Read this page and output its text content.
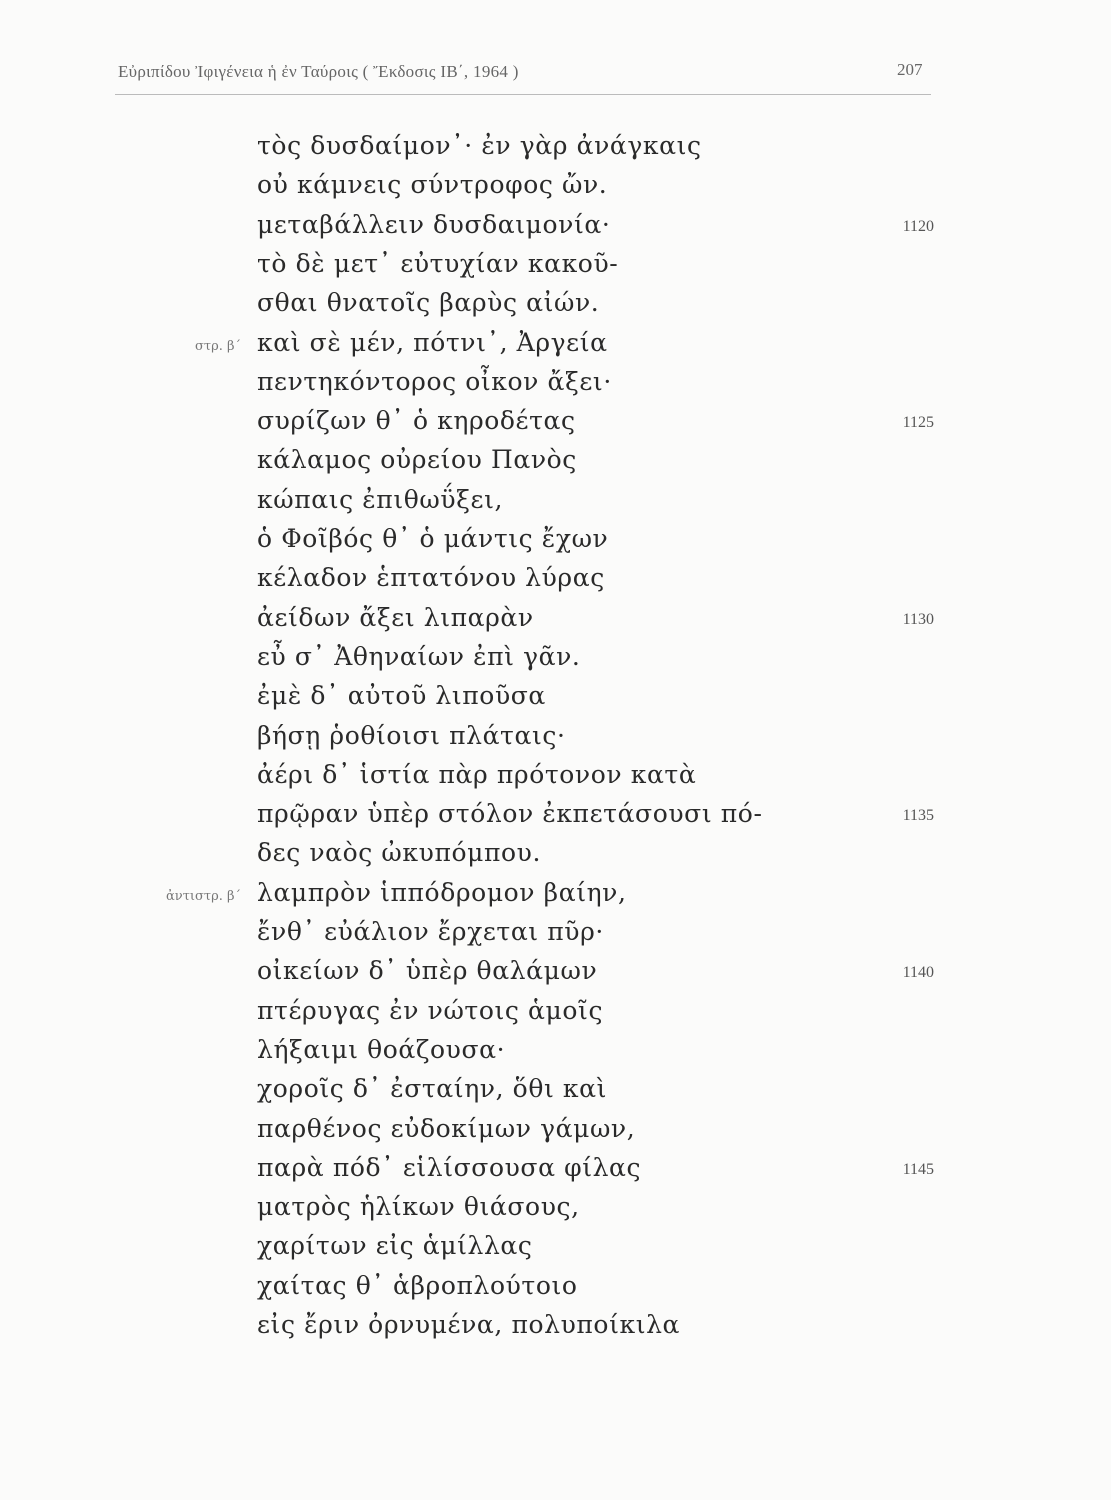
Εὐριπίδου Ἰφιγένεια ἡ ἐν Ταύροις ( Ἔκδοσις ΙΒ΄, 1964 )	207
τὸς δυσδαίμον᾽· ἐν γὰρ ἀνάγκαις
οὐ κάμνεις σύντροφος ὤν.
μεταβάλλειν δυσδαιμονία·	1120
τὸ δὲ μετ᾽ εὐτυχίαν κακοῦ-
σθαι θνατοῖς βαρὺς αἰών.
στρ. β΄ καὶ σὲ μέν, πότνι᾽, Ἀργεία
πεντηκόντορος οἶκον ἄξει·
συρίζων θ᾽ ὁ κηροδέτας	1125
κάλαμος οὐρείου Πανὸς
κώπαις ἐπιθωΰξει,
ὁ Φοῖβός θ᾽ ὁ μάντις ἔχων
κέλαδον ἑπτατόνου λύρας
ἀείδων ἄξει λιπαρὰν	1130
εὖ σ᾽ Ἀθηναίων ἐπὶ γᾶν.
ἐμὲ δ᾽ αὐτοῦ λιποῦσα
βήσῃ ῥοθίοισι πλάταις·
ἀέρι δ᾽ ἱστία πὰρ πρότονον κατὰ
πρῷραν ὑπὲρ στόλον ἐκπετάσουσι πό-	1135
δες ναὸς ὠκυπόμπου.
ἀντιστρ. β΄ λαμπρὸν ἱππόδρομον βαίην,
ἔνθ᾽ εὐάλιον ἔρχεται πῦρ·
οἰκείων δ᾽ ὑπὲρ θαλάμων	1140
πτέρυγας ἐν νώτοις ἁμοῖς
λήξαιμι θοάζουσα·
χοροῖς δ᾽ ἐσταίην, ὅθι καὶ
παρθένος εὐδοκίμων γάμων,
παρὰ πόδ᾽ εἱλίσσουσα φίλας	1145
ματρὸς ἡλίκων θιάσους,
χαρίτων εἰς ἁμίλλας
χαίτας θ᾽ ἁβροπλούτοιο
εἰς ἔριν ὀρνυμένα, πολυποίκιλα
